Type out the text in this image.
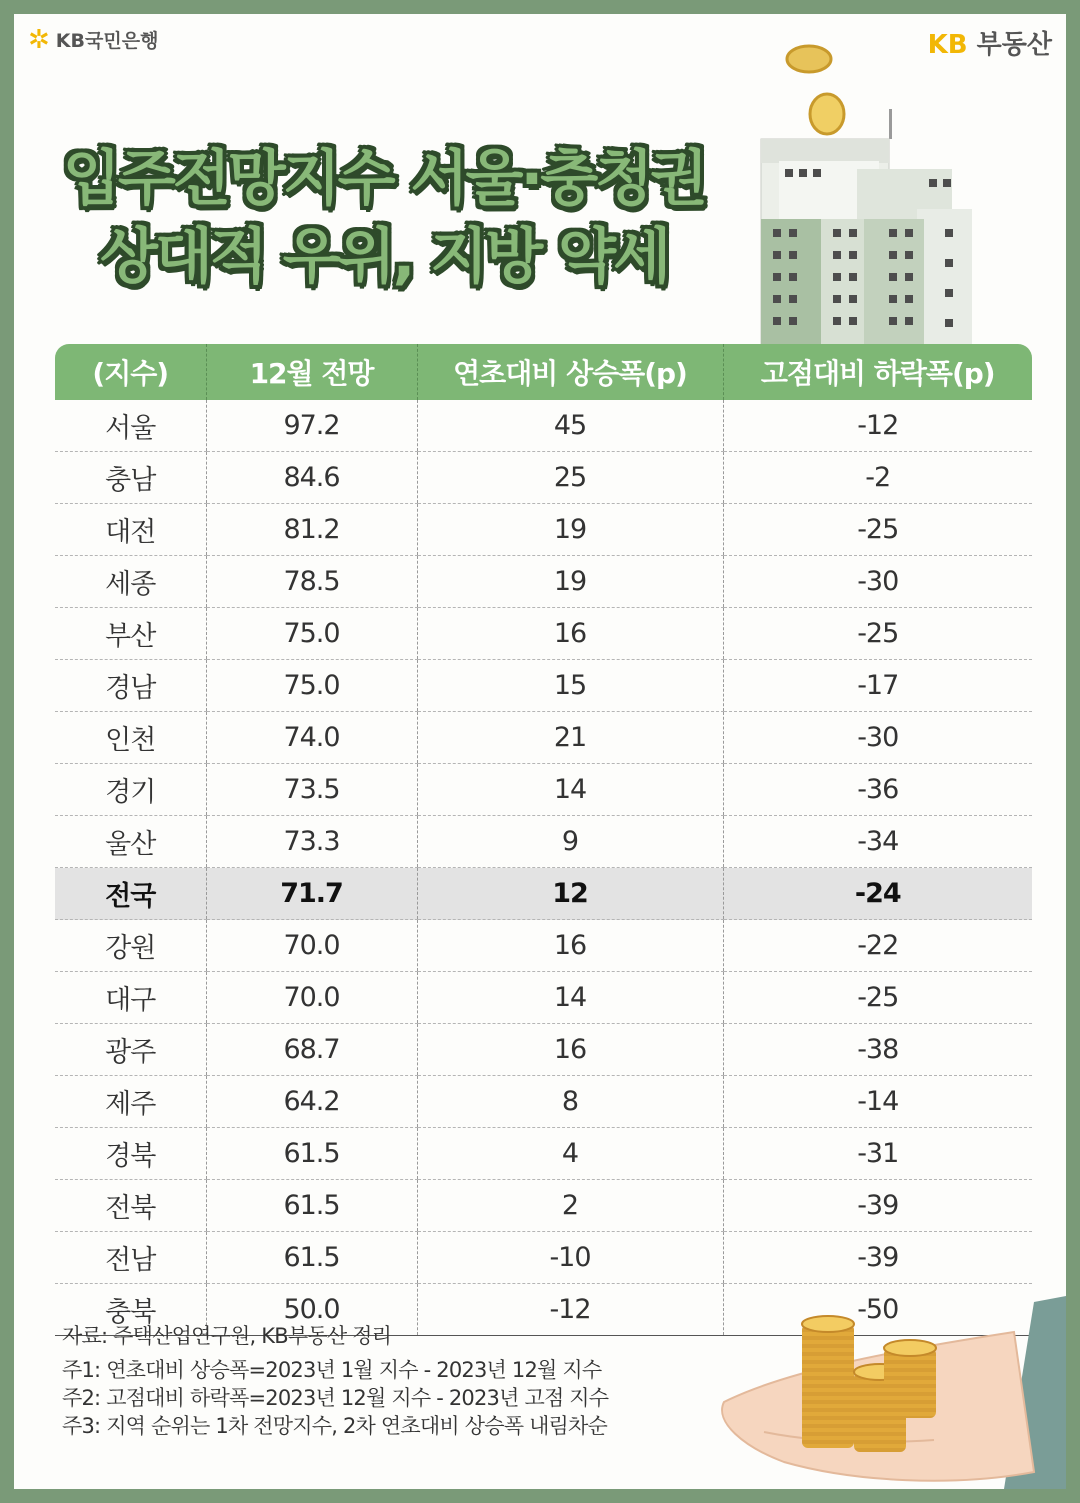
✲ KB국민은행	KB 부동산
입주전망지수 서울·충청권
상대적 우위, 지방 약세
(지수)	12월 전망	연초대비 상승폭(p)	고점대비 하락폭(p)
서울	97.2	45	-12
충남	84.6	25	-2
대전	81.2	19	-25
세종	78.5	19	-30
부산	75.0	16	-25
경남	75.0	15	-17
인천	74.0	21	-30
경기	73.5	14	-36
울산	73.3	9	-34
전국	71.7	12	-24
강원	70.0	16	-22
대구	70.0	14	-25
광주	68.7	16	-38
제주	64.2	8	-14
경북	61.5	4	-31
전북	61.5	2	-39
전남	61.5	-10	-39
충북	50.0	-12	-50
자료: 주택산업연구원, KB부동산 정리
주1: 연초대비 상승폭=2023년 1월 지수 - 2023년 12월 지수
주2: 고점대비 하락폭=2023년 12월 지수 - 2023년 고점 지수
주3: 지역 순위는 1차 전망지수, 2차 연초대비 상승폭 내림차순
